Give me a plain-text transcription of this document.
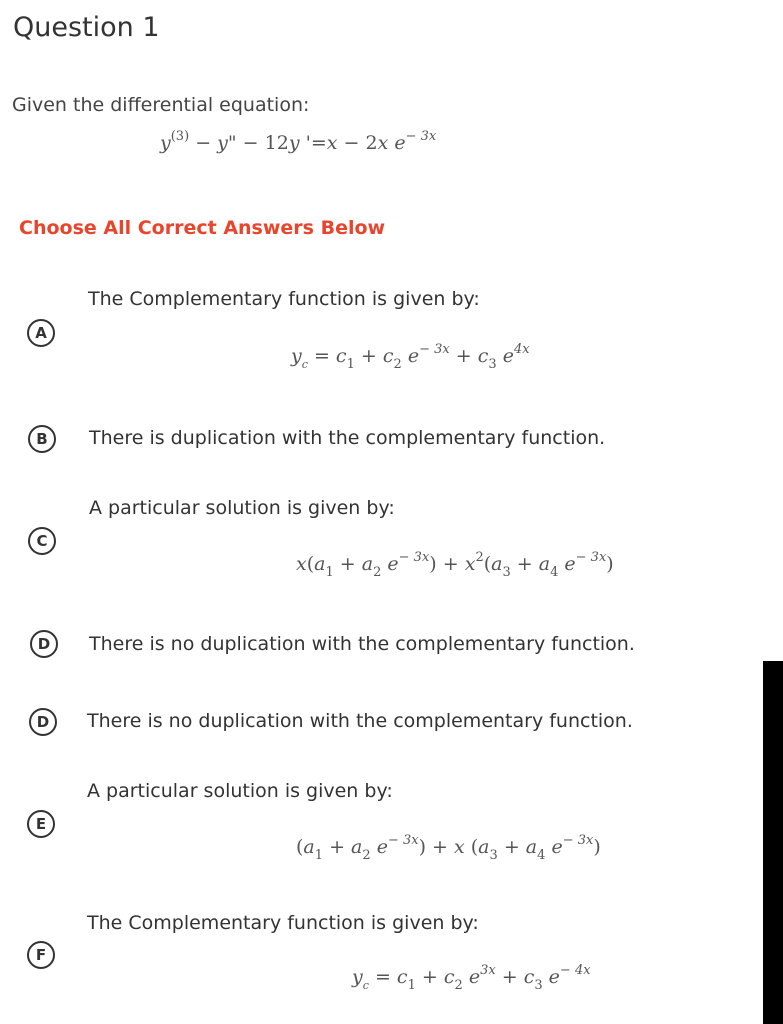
Question 1
Given the differential equation:
$y^{(3)} - y$" − 12y '=x − 2x $e^{- 3x}$
Choose All Correct Answers Below
The Complementary function is given by:
A
$y_c = c_1 + c_2$ $e^{- 3x} + c_3$ $e^{4x}$
B	There is duplication with the complementary function.
A particular solution is given by:
C
$x(a_1 + a_2$ $e^{- 3x}) + x^2(a_3 + a_4$ $e^{- 3x}$)
D	There is no duplication with the complementary function.
D	There is no duplication with the complementary function.
A particular solution is given by:
E
($a_1 + a_2$ $e^{- 3x}) + x$ ($a_3 + a_4$ $e^{- 3x}$)
The Complementary function is given by:
F
$y_c = c_1 + c_2$ $e^{3x} + c_3$ $e^{- 4x}$
